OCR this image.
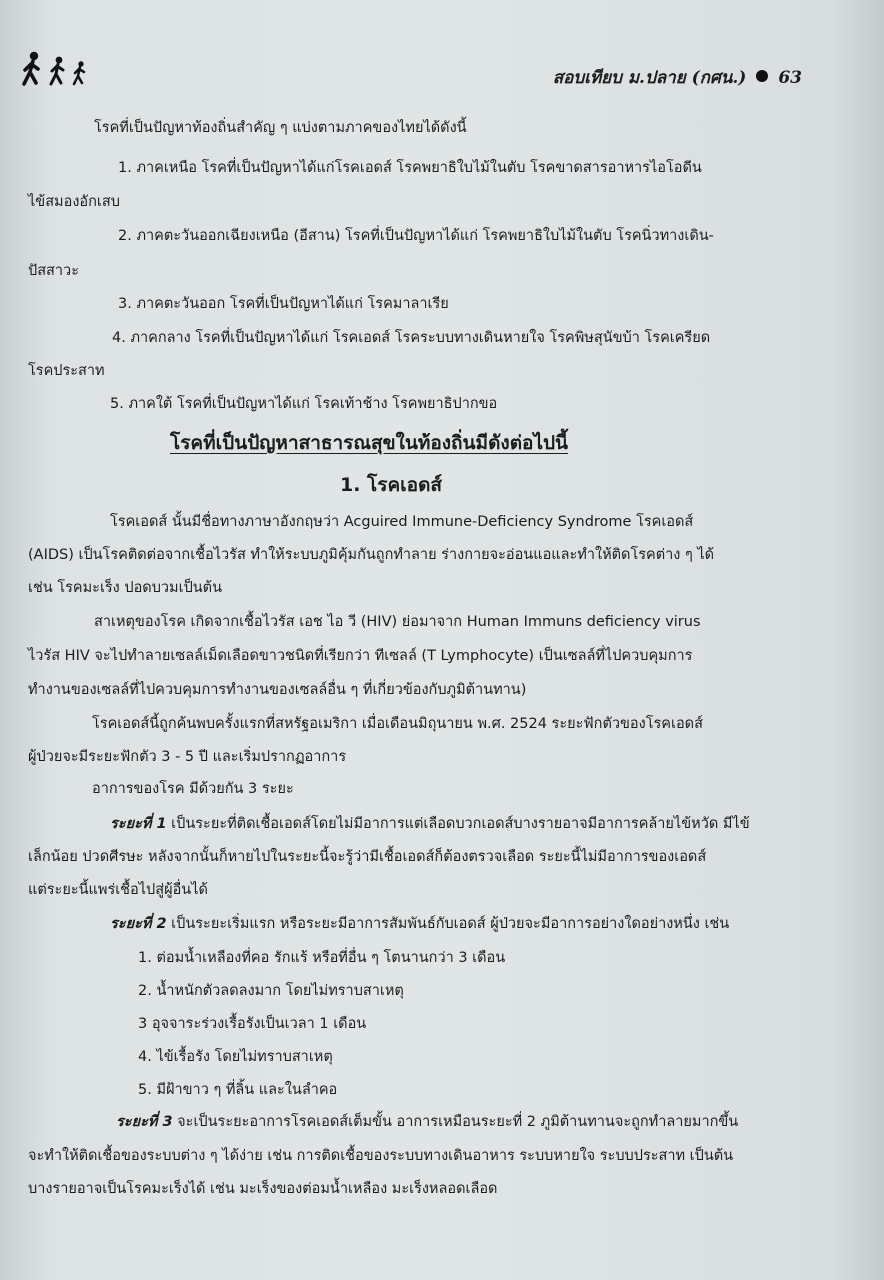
สอบเทียบ ม.ปลาย (กศน.) 63
โรคที่เป็นปัญหาท้องถิ่นสำคัญ ๆ แบ่งตามภาคของไทยได้ดังนี้
1. ภาคเหนือ โรคที่เป็นปัญหาได้แก่โรคเอดส์ โรคพยาธิใบไม้ในตับ โรคขาดสารอาหารไอโอดีน
ไข้สมองอักเสบ
2. ภาคตะวันออกเฉียงเหนือ (อีสาน) โรคที่เป็นปัญหาได้แก่ โรคพยาธิใบไม้ในตับ โรคนิ่วทางเดิน-
ปัสสาวะ
3. ภาคตะวันออก โรคที่เป็นปัญหาได้แก่ โรคมาลาเรีย
4. ภาคกลาง โรคที่เป็นปัญหาได้แก่ โรคเอดส์ โรคระบบทางเดินหายใจ โรคพิษสุนัขบ้า โรคเครียด
โรคประสาท
5. ภาคใต้ โรคที่เป็นปัญหาได้แก่ โรคเท้าช้าง โรคพยาธิปากขอ
โรคที่เป็นปัญหาสาธารณสุขในท้องถิ่นมีดังต่อไปนี้
1. โรคเอดส์
โรคเอดส์ นั้นมีชื่อทางภาษาอังกฤษว่า Acguired Immune-Deficiency Syndrome โรคเอดส์
(AIDS) เป็นโรคติดต่อจากเชื้อไวรัส ทำให้ระบบภูมิคุ้มกันถูกทำลาย ร่างกายจะอ่อนแอและทำให้ติดโรคต่าง ๆ ได้
เช่น โรคมะเร็ง ปอดบวมเป็นต้น
สาเหตุของโรค เกิดจากเชื้อไวรัส เอช ไอ วี (HIV) ย่อมาจาก Human Immuns deficiency virus
ไวรัส HIV จะไปทำลายเซลล์เม็ดเลือดขาวชนิดที่เรียกว่า ทีเซลล์ (T Lymphocyte) เป็นเซลล์ที่ไปควบคุมการ
ทำงานของเซลล์ที่ไปควบคุมการทำงานของเซลล์อื่น ๆ ที่เกี่ยวข้องกับภูมิต้านทาน)
โรคเอดส์นี้ถูกค้นพบครั้งแรกที่สหรัฐอเมริกา เมื่อเดือนมิถุนายน พ.ศ. 2524 ระยะฟักตัวของโรคเอดส์
ผู้ป่วยจะมีระยะฟักตัว 3 - 5 ปี และเริ่มปรากฏอาการ
อาการของโรค มีด้วยกัน 3 ระยะ
ระยะที่ 1 เป็นระยะที่ติดเชื้อเอดส์โดยไม่มีอาการแต่เลือดบวกเอดส์บางรายอาจมีอาการคล้ายไข้หวัด มีไข้
เล็กน้อย ปวดศีรษะ หลังจากนั้นก็หายไปในระยะนี้จะรู้ว่ามีเชื้อเอดส์ก็ต้องตรวจเลือด ระยะนี้ไม่มีอาการของเอดส์
แต่ระยะนี้แพร่เชื้อไปสู่ผู้อื่นได้
ระยะที่ 2 เป็นระยะเริ่มแรก หรือระยะมีอาการสัมพันธ์กับเอดส์ ผู้ป่วยจะมีอาการอย่างใดอย่างหนึ่ง เช่น
1. ต่อมน้ำเหลืองที่คอ รักแร้ หรือที่อื่น ๆ โตนานกว่า 3 เดือน
2. น้ำหนักตัวลดลงมาก โดยไม่ทราบสาเหตุ
3 อุจจาระร่วงเรื้อรังเป็นเวลา 1 เดือน
4. ไข้เรื้อรัง โดยไม่ทราบสาเหตุ
5. มีฝ้าขาว ๆ ที่ลิ้น และในลำคอ
ระยะที่ 3 จะเป็นระยะอาการโรคเอดส์เต็มขั้น อาการเหมือนระยะที่ 2 ภูมิต้านทานจะถูกทำลายมากขึ้น
จะทำให้ติดเชื้อของระบบต่าง ๆ ได้ง่าย เช่น การติดเชื้อของระบบทางเดินอาหาร ระบบหายใจ ระบบประสาท เป็นต้น
บางรายอาจเป็นโรคมะเร็งได้ เช่น มะเร็งของต่อมน้ำเหลือง มะเร็งหลอดเลือด
